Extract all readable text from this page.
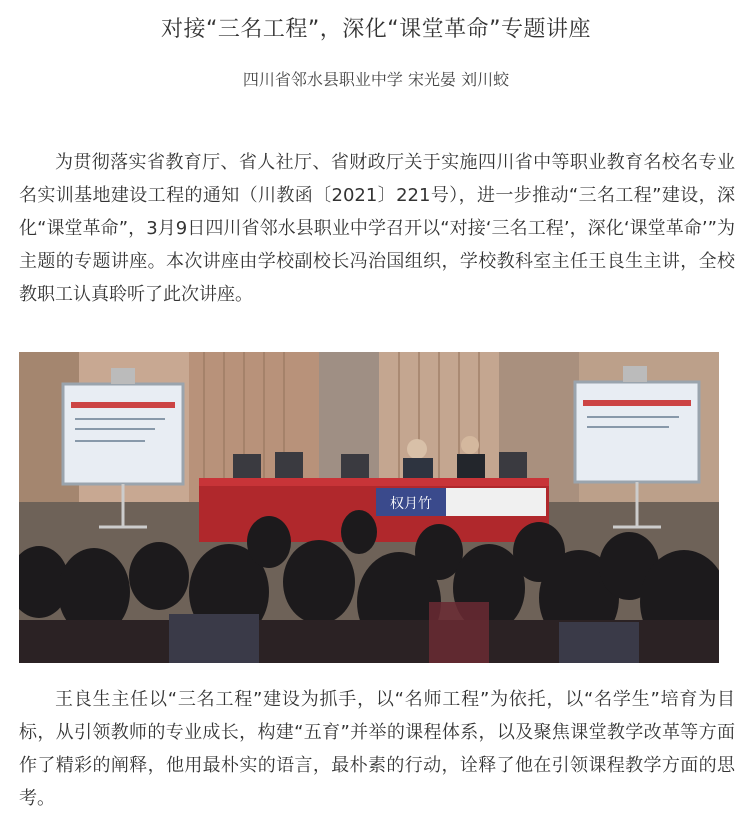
对接“三名工程”，深化“课堂革命”专题讲座
四川省邻水县职业中学 宋光晏 刘川蛟

为贯彻落实省教育厅、省人社厅、省财政厅关于实施四川省中等职业教育名校名专业名实训基地建设工程的通知（川教函〔2021〕221号），进一步推动“三名工程”建设，深化“课堂革命”，3月9日四川省邻水县职业中学召开以“对接‘三名工程’，深化‘课堂革命’”为主题的专题讲座。本次讲座由学校副校长冯治国组织，学校教科室主任王良生主讲，全校教职工认真聆听了此次讲座。

权月竹

王良生主任以“三名工程”建设为抓手，以“名师工程”为依托，以“名学生”培育为目标，从引领教师的专业成长，构建“五育”并举的课程体系，以及聚焦课堂教学改革等方面作了精彩的阐释，他用最朴实的语言，最朴素的行动，诠释了他在引领课程教学方面的思考。
